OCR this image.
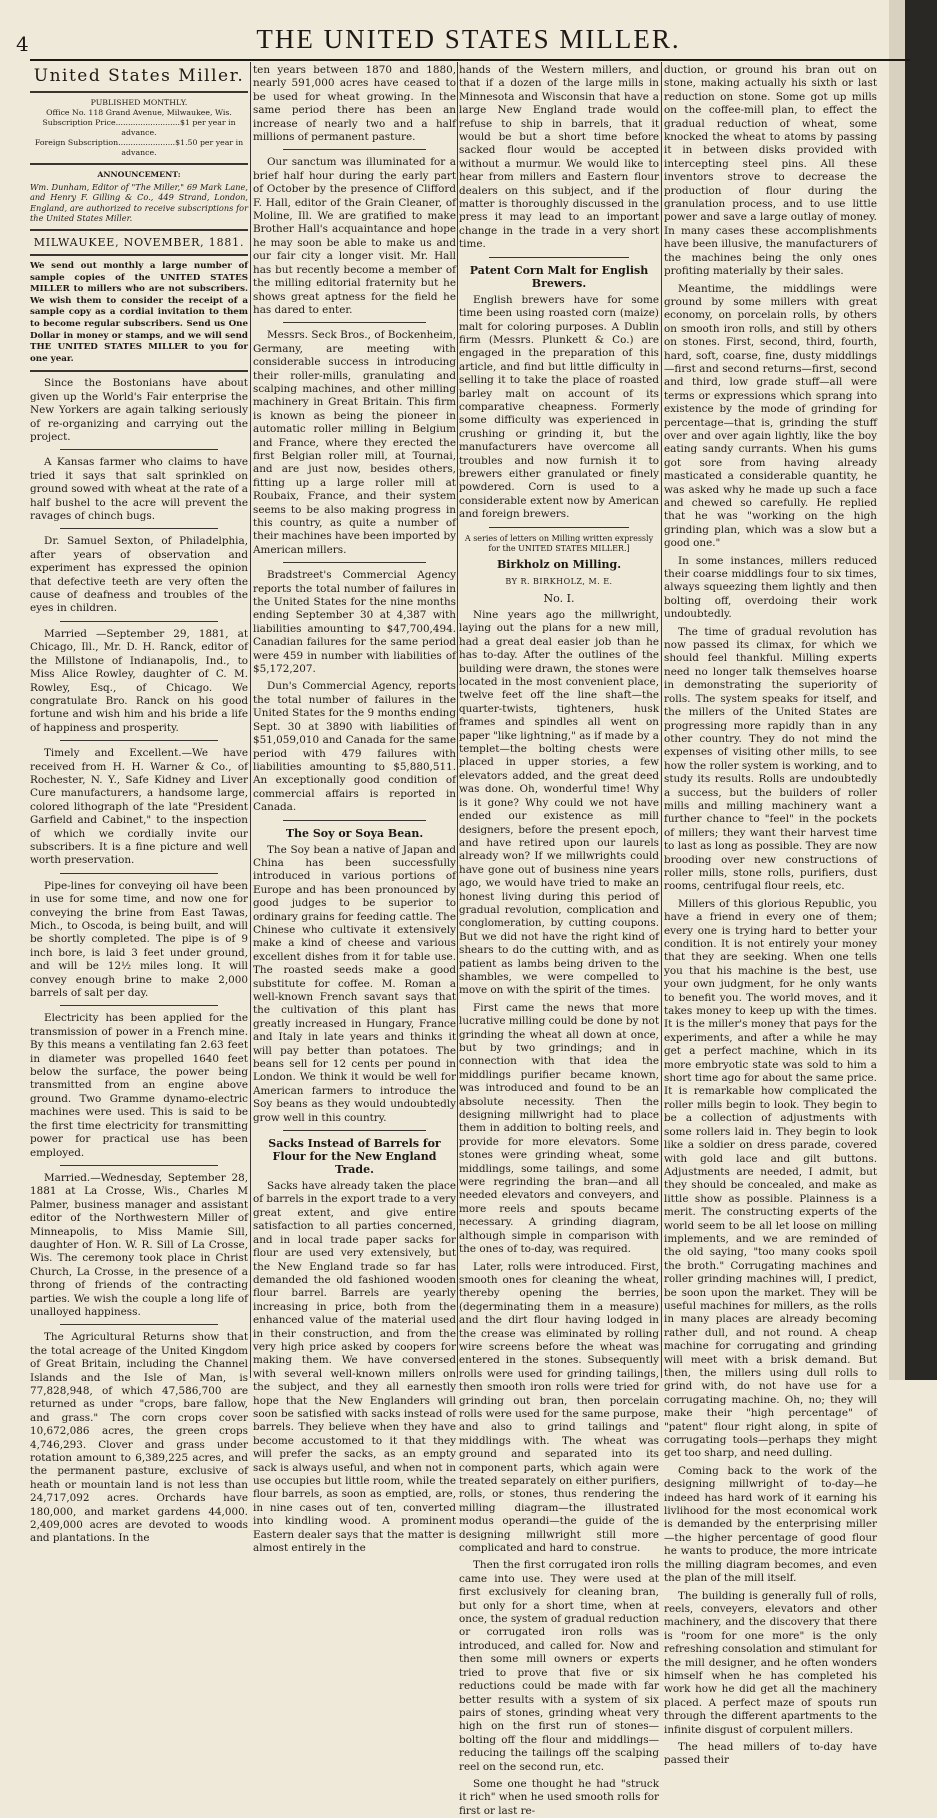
4	THE UNITED STATES MILLER.
United States Miller.

PUBLISHED MONTHLY.

Office No. 118 Grand Avenue, Milwaukee, Wis.

Subscription Price..........................$1 per year in advance.

Foreign Subscription.......................$1.50 per year in advance.

ANNOUNCEMENT:

Wm. Dunham, Editor of "The Miller," 69 Mark Lane, and Henry F. Gilling & Co., 449 Strand, London, England, are authorized to receive subscriptions for the United States Miller.

MILWAUKEE, NOVEMBER, 1881.

We send out monthly a large number of sample copies of the UNITED STATES MILLER to millers who are not subscribers. We wish them to consider the receipt of a sample copy as a cordial invitation to them to become regular subscribers. Send us One Dollar in money or stamps, and we will send THE UNITED STATES MILLER to you for one year.

Since the Bostonians have about given up the World's Fair enterprise the New Yorkers are again talking seriously of re-organizing and carrying out the project.

A Kansas farmer who claims to have tried it says that salt sprinkled on ground sowed with wheat at the rate of a half bushel to the acre will prevent the ravages of chinch bugs.

Dr. Samuel Sexton, of Philadelphia, after years of observation and experiment has expressed the opinion that defective teeth are very often the cause of deafness and troubles of the eyes in children.

Married —September 29, 1881, at Chicago, Ill., Mr. D. H. Ranck, editor of the Millstone of Indianapolis, Ind., to Miss Alice Rowley, daughter of C. M. Rowley, Esq., of Chicago. We congratulate Bro. Ranck on his good fortune and wish him and his bride a life of happiness and prosperity.

Timely and Excellent.—We have received from H. H. Warner & Co., of Rochester, N. Y., Safe Kidney and Liver Cure manufacturers, a handsome large, colored lithograph of the late "President Garfield and Cabinet," to the inspection of which we cordially invite our subscribers. It is a fine picture and well worth preservation.

Pipe-lines for conveying oil have been in use for some time, and now one for conveying the brine from East Tawas, Mich., to Oscoda, is being built, and will be shortly completed. The pipe is of 9 inch bore, is laid 3 feet under ground, and will be 12½ miles long. It will convey enough brine to make 2,000 barrels of salt per day.

Electricity has been applied for the transmission of power in a French mine. By this means a ventilating fan 2.63 feet in diameter was propelled 1640 feet below the surface, the power being transmitted from an engine above ground. Two Gramme dynamo-electric machines were used. This is said to be the first time electricity for transmitting power for practical use has been employed.

Married.—Wednesday, September 28, 1881 at La Crosse, Wis., Charles M Palmer, business manager and assistant editor of the Northwestern Miller of Minneapolis, to Miss Mamie Sill, daughter of Hon. W. R. Sill of La Crosse, Wis. The ceremony took place in Christ Church, La Crosse, in the presence of a throng of friends of the contracting parties. We wish the couple a long life of unalloyed happiness.

The Agricultural Returns show that the total acreage of the United Kingdom of Great Britain, including the Channel Islands and the Isle of Man, is 77,828,948, of which 47,586,700 are returned as under "crops, bare fallow, and grass." The corn crops cover 10,672,086 acres, the green crops 4,746,293. Clover and grass under rotation amount to 6,389,225 acres, and the permanent pasture, exclusive of heath or mountain land is not less than 24,717,092 acres. Orchards have 180,000, and market gardens 44,000. 2,409,000 acres are devoted to woods and plantations. In the

ten years between 1870 and 1880, nearly 591,000 acres have ceased to be used for wheat growing. In the same period there has been an increase of nearly two and a half millions of permanent pasture.

Our sanctum was illuminated for a brief half hour during the early part of October by the presence of Clifford F. Hall, editor of the Grain Cleaner, of Moline, Ill. We are gratified to make Brother Hall's acquaintance and hope he may soon be able to make us and our fair city a longer visit. Mr. Hall has but recently become a member of the milling editorial fraternity but he shows great aptness for the field he has dared to enter.

Messrs. Seck Bros., of Bockenheim, Germany, are meeting with considerable success in introducing their roller-mills, granulating and scalping machines, and other milling machinery in Great Britain. This firm is known as being the pioneer in automatic roller milling in Belgium and France, where they erected the first Belgian roller mill, at Tournai, and are just now, besides others, fitting up a large roller mill at Roubaix, France, and their system seems to be also making progress in this country, as quite a number of their machines have been imported by American millers.

Bradstreet's Commercial Agency reports the total number of failures in the United States for the nine months ending September 30 at 4,387 with liabilities amounting to $47,700,494. Canadian failures for the same period were 459 in number with liabilities of $5,172,207.

Dun's Commercial Agency, reports the total number of failures in the United States for the 9 months ending Sept. 30 at 3890 with liabilities of $51,059,010 and Canada for the same period with 479 failures with liabilities amounting to $5,880,511. An exceptionally good condition of commercial affairs is reported in Canada.

The Soy or Soya Bean.

The Soy bean a native of Japan and China has been successfully introduced in various portions of Europe and has been pronounced by good judges to be superior to ordinary grains for feeding cattle. The Chinese who cultivate it extensively make a kind of cheese and various excellent dishes from it for table use. The roasted seeds make a good substitute for coffee. M. Roman a well-known French savant says that the cultivation of this plant has greatly increased in Hungary, France and Italy in late years and thinks it will pay better than potatoes. The beans sell for 12 cents per pound in London. We think it would be well for American farmers to introduce the Soy beans as they would undoubtedly grow well in this country.

Sacks Instead of Barrels for Flour for the New England Trade.

Sacks have already taken the place of barrels in the export trade to a very great extent, and give entire satisfaction to all parties concerned, and in local trade paper sacks for flour are used very extensively, but the New England trade so far has demanded the old fashioned wooden flour barrel. Barrels are yearly increasing in price, both from the enhanced value of the material used in their construction, and from the very high price asked by coopers for making them. We have conversed with several well-known millers on the subject, and they all earnestly hope that the New Englanders will soon be satisfied with sacks instead of barrels. They believe when they have become accustomed to it that they will prefer the sacks, as an empty sack is always useful, and when not in use occupies but little room, while the flour barrels, as soon as emptied, are, in nine cases out of ten, converted into kindling wood. A prominent Eastern dealer says that the matter is almost entirely in the

hands of the Western millers, and that if a dozen of the large mills in Minnesota and Wisconsin that have a large New England trade would refuse to ship in barrels, that it would be but a short time before sacked flour would be accepted without a murmur. We would like to hear from millers and Eastern flour dealers on this subject, and if the matter is thoroughly discussed in the press it may lead to an important change in the trade in a very short time.

Patent Corn Malt for English Brewers.

English brewers have for some time been using roasted corn (maize) malt for coloring purposes. A Dublin firm (Messrs. Plunkett & Co.) are engaged in the preparation of this article, and find but little difficulty in selling it to take the place of roasted barley malt on account of its comparative cheapness. Formerly some difficulty was experienced in crushing or grinding it, but the manufacturers have overcome all troubles and now furnish it to brewers either granulated or finely powdered. Corn is used to a considerable extent now by American and foreign brewers.

A series of letters on Milling written expressly for the UNITED STATES MILLER.]

Birkholz on Milling.

BY R. BIRKHOLZ, M. E.

No. I.

Nine years ago the millwright, laying out the plans for a new mill, had a great deal easier job than he has to-day. After the outlines of the building were drawn, the stones were located in the most convenient place, twelve feet off the line shaft—the quarter-twists, tighteners, husk frames and spindles all went on paper "like lightning," as if made by a templet—the bolting chests were placed in upper stories, a few elevators added, and the great deed was done. Oh, wonderful time! Why is it gone? Why could we not have ended our existence as mill designers, before the present epoch, and have retired upon our laurels already won? If we millwrights could have gone out of business nine years ago, we would have tried to make an honest living during this period of gradual revolution, complication and conglomeration, by cutting coupons. But we did not have the right kind of shears to do the cutting with, and as patient as lambs being driven to the shambles, we were compelled to move on with the spirit of the times.

First came the news that more lucrative milling could be done by not grinding the wheat all down at once, but by two grindings; and in connection with that idea the middlings purifier became known, was introduced and found to be an absolute necessity. Then the designing millwright had to place them in addition to bolting reels, and provide for more elevators. Some stones were grinding wheat, some middlings, some tailings, and some were regrinding the bran—and all needed elevators and conveyers, and more reels and spouts became necessary. A grinding diagram, although simple in comparison with the ones of to-day, was required.

Later, rolls were introduced. First, smooth ones for cleaning the wheat, thereby opening the berries, (degerminating them in a measure) and the dirt flour having lodged in the crease was eliminated by rolling wire screens before the wheat was entered in the stones. Subsequently rolls were used for grinding tailings, then smooth iron rolls were tried for grinding out bran, then porcelain rolls were used for the same purpose, and also to grind tailings and middlings with. The wheat was ground and separated into its component parts, which again were treated separately on either purifiers, rolls, or stones, thus rendering the milling diagram—the illustrated modus operandi—the guide of the designing millwright still more complicated and hard to construe.

Then the first corrugated iron rolls came into use. They were used at first exclusively for cleaning bran, but only for a short time, when at once, the system of gradual reduction or corrugated iron rolls was introduced, and called for. Now and then some mill owners or experts tried to prove that five or six reductions could be made with far better results with a system of six pairs of stones, grinding wheat very high on the first run of stones—bolting off the flour and middlings—reducing the tailings off the scalping reel on the second run, etc.

Some one thought he had "struck it rich" when he used smooth rolls for first or last re-

duction, or ground his bran out on stone, making actually his sixth or last reduction on stone. Some got up mills on the coffee-mill plan, to effect the gradual reduction of wheat, some knocked the wheat to atoms by passing it in between disks provided with intercepting steel pins. All these inventors strove to decrease the production of flour during the granulation process, and to use little power and save a large outlay of money. In many cases these accomplishments have been illusive, the manufacturers of the machines being the only ones profiting materially by their sales.

Meantime, the middlings were ground by some millers with great economy, on porcelain rolls, by others on smooth iron rolls, and still by others on stones. First, second, third, fourth, hard, soft, coarse, fine, dusty middlings—first and second returns—first, second and third, low grade stuff—all were terms or expressions which sprang into existence by the mode of grinding for percentage—that is, grinding the stuff over and over again lightly, like the boy eating sandy currants. When his gums got sore from having already masticated a considerable quantity, he was asked why he made up such a face and chewed so carefully. He replied that he was "working on the high grinding plan, which was a slow but a good one."

In some instances, millers reduced their coarse middlings four to six times, always squeezing them lightly and then bolting off, overdoing their work undoubtedly.

The time of gradual revolution has now passed its climax, for which we should feel thankful. Milling experts need no longer talk themselves hoarse in demonstrating the superiority of rolls. The system speaks for itself, and the millers of the United States are progressing more rapidly than in any other country. They do not mind the expenses of visiting other mills, to see how the roller system is working, and to study its results. Rolls are undoubtedly a success, but the builders of roller mills and milling machinery want a further chance to "feel" in the pockets of millers; they want their harvest time to last as long as possible. They are now brooding over new constructions of roller mills, stone rolls, purifiers, dust rooms, centrifugal flour reels, etc.

Millers of this glorious Republic, you have a friend in every one of them; every one is trying hard to better your condition. It is not entirely your money that they are seeking. When one tells you that his machine is the best, use your own judgment, for he only wants to benefit you. The world moves, and it takes money to keep up with the times. It is the miller's money that pays for the experiments, and after a while he may get a perfect machine, which in its more embryotic state was sold to him a short time ago for about the same price. It is remarkable how complicated the roller mills begin to look. They begin to be a collection of adjustments with some rollers laid in. They begin to look like a soldier on dress parade, covered with gold lace and gilt buttons. Adjustments are needed, I admit, but they should be concealed, and make as little show as possible. Plainness is a merit. The constructing experts of the world seem to be all let loose on milling implements, and we are reminded of the old saying, "too many cooks spoil the broth." Corrugating machines and roller grinding machines will, I predict, be soon upon the market. They will be useful machines for millers, as the rolls in many places are already becoming rather dull, and not round. A cheap machine for corrugating and grinding will meet with a brisk demand. But then, the millers using dull rolls to grind with, do not have use for a corrugating machine. Oh, no; they will make their "high percentage" of "patent" flour right along, in spite of corrugating tools—perhaps they might get too sharp, and need dulling.

Coming back to the work of the designing millwright of to-day—he indeed has hard work of it earning his livlihood for the most economical work is demanded by the enterprising miller—the higher percentage of good flour he wants to produce, the more intricate the milling diagram becomes, and even the plan of the mill itself.

The building is generally full of rolls, reels, conveyers, elevators and other machinery, and the discovery that there is "room for one more" is the only refreshing consolation and stimulant for the mill designer, and he often wonders himself when he has completed his work how he did get all the machinery placed. A perfect maze of spouts run through the different apartments to the infinite disgust of corpulent millers.

The head millers of to-day have passed their
